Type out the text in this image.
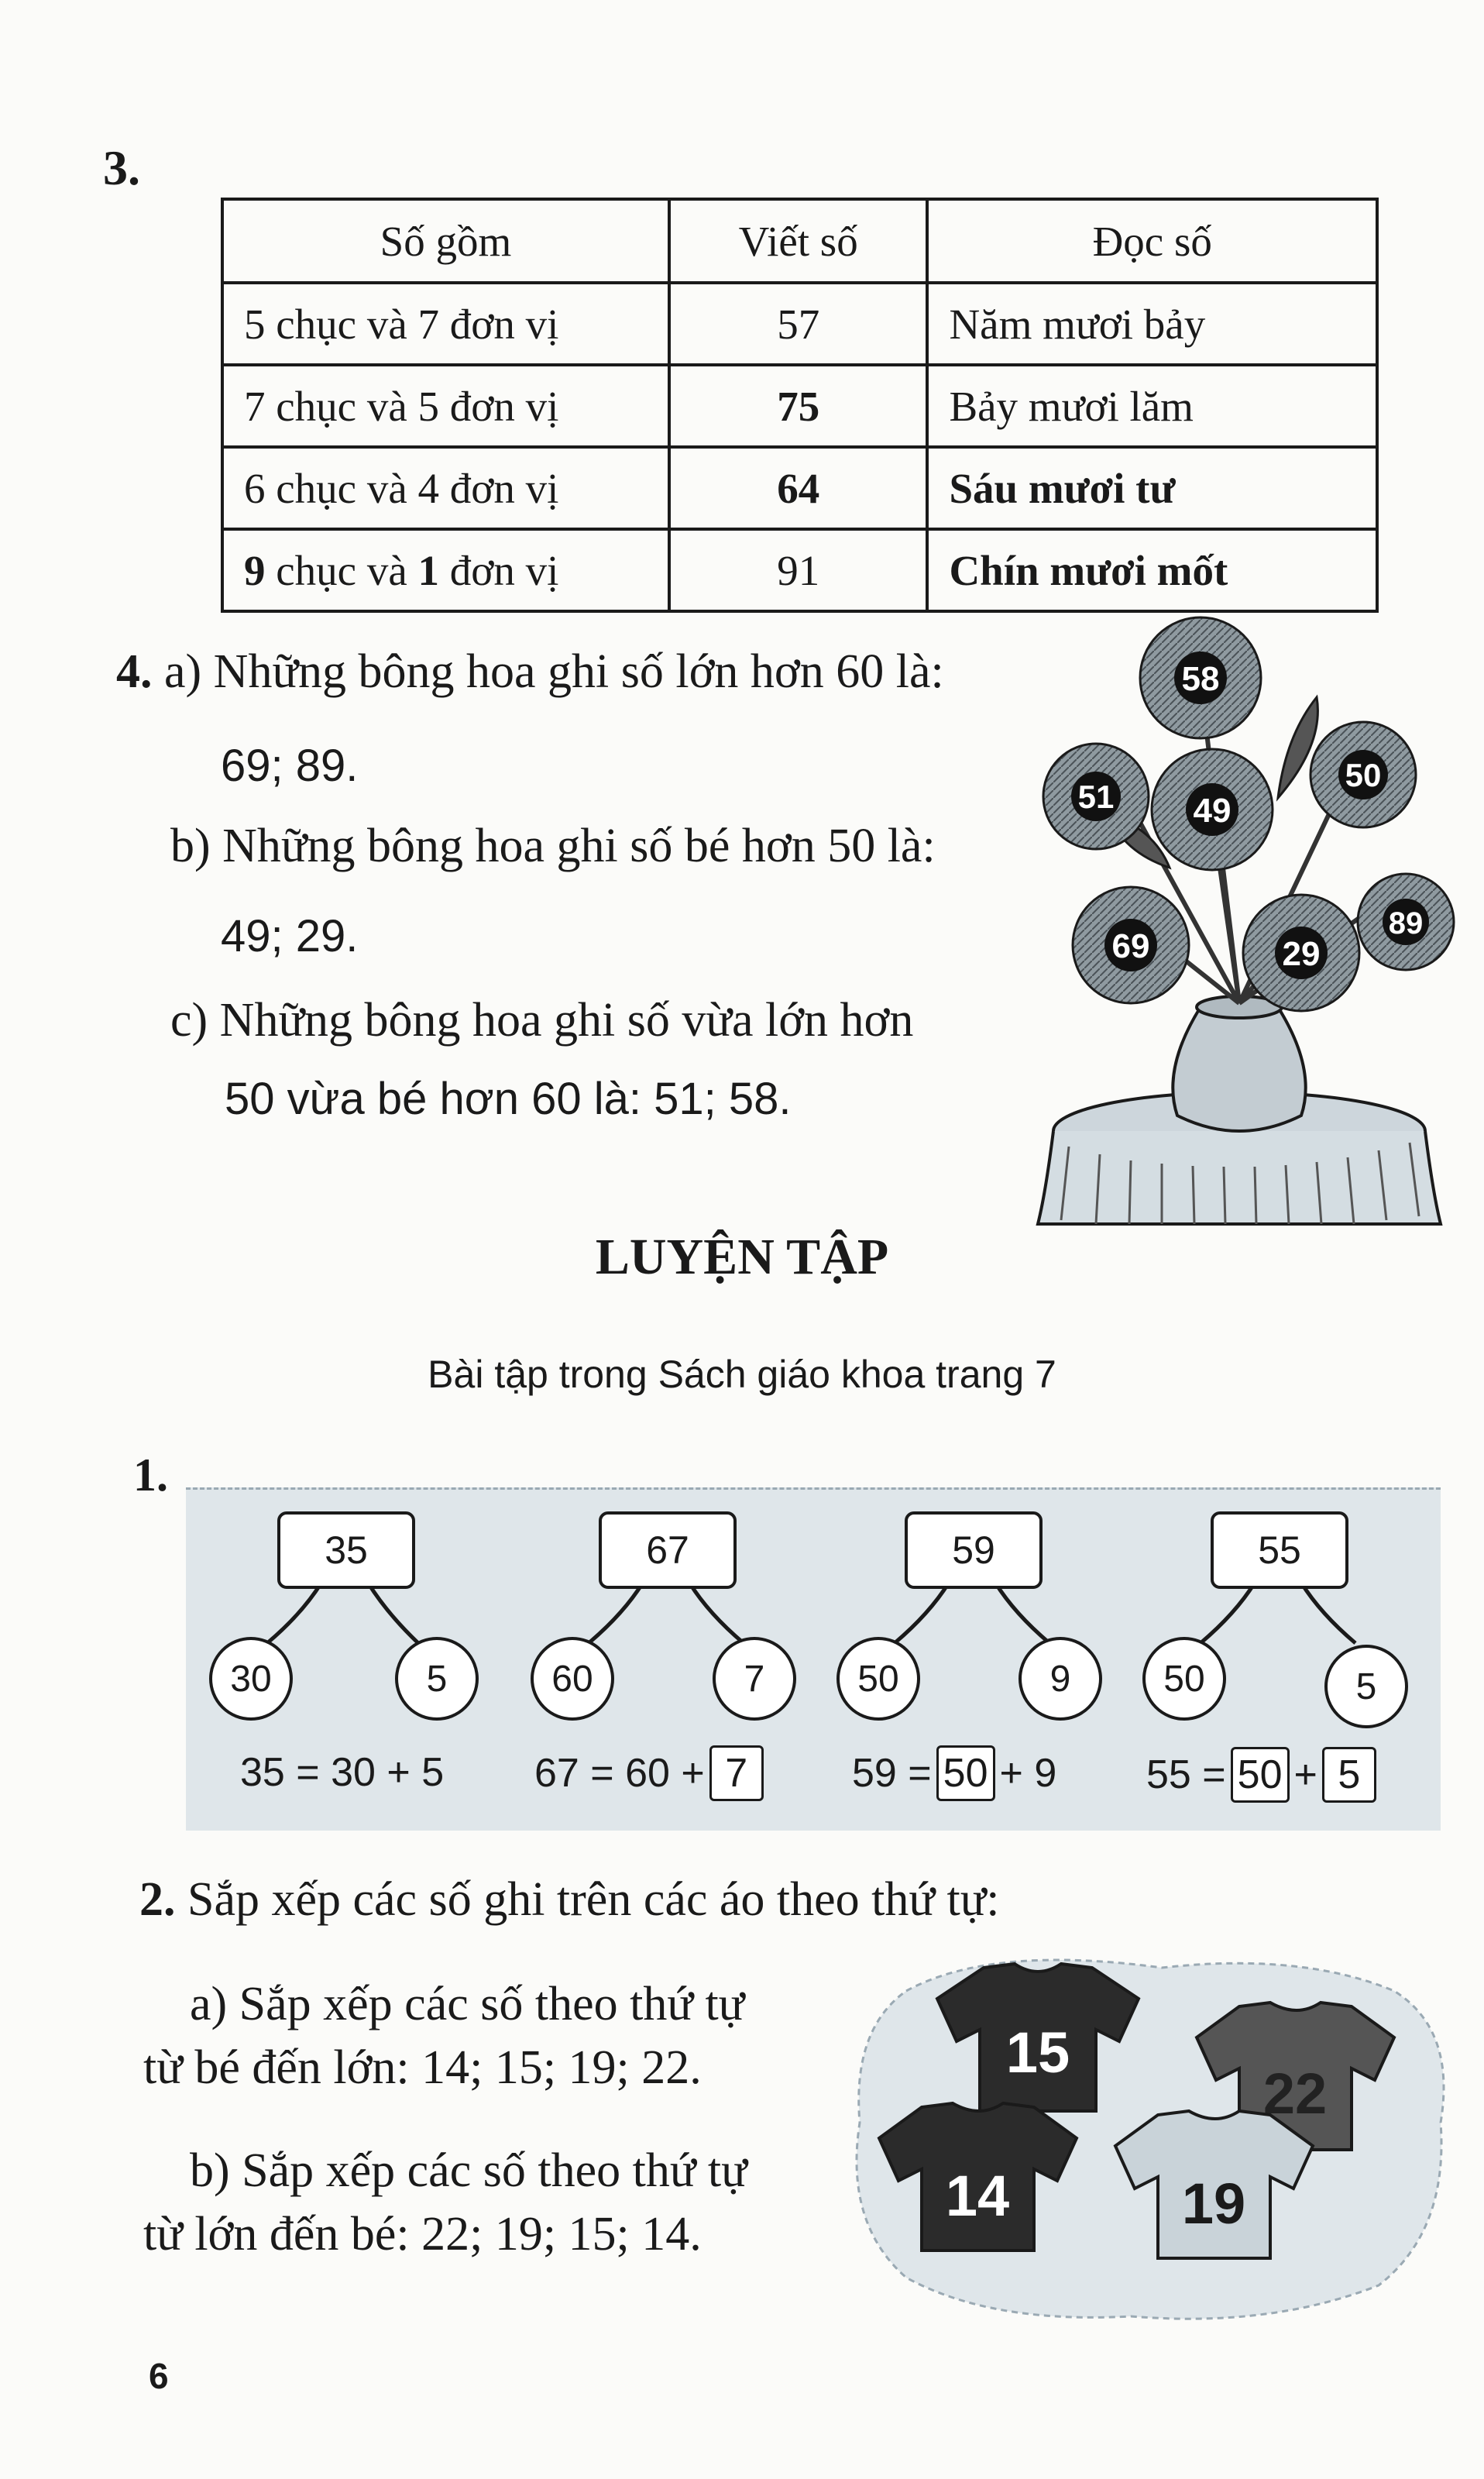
3.
Số gồm	Viết số	Đọc số
5 chục và 7 đơn vị	57	Năm mươi bảy
7 chục và 5 đơn vị	75	Bảy mươi lăm
6 chục và 4 đơn vị	64	Sáu mươi tư
9 chục và 1 đơn vị	91	Chín mươi mốt
4. a) Những bông hoa ghi số lớn hơn 60 là:
69; 89.
b) Những bông hoa ghi số bé hơn 50 là:
49; 29.
c) Những bông hoa ghi số vừa lớn hơn
50 vừa bé hơn 60 là: 51; 58.
58
51 49
50
69	29
89
LUYỆN TẬP
Bài tập trong Sách giáo khoa trang 7
1.
35
30	5
35 = 30 + 5
67
60	7
67 = 60 + 7
59
50	9
59 = 50 + 9
55
50	5
55 = 50 + 5
2. Sắp xếp các số ghi trên các áo theo thứ tự:
a) Sắp xếp các số theo thứ tự
từ bé đến lớn: 14; 15; 19; 22.
b) Sắp xếp các số theo thứ tự
từ lớn đến bé: 22; 19; 15; 14.
15
22
14	19
6
